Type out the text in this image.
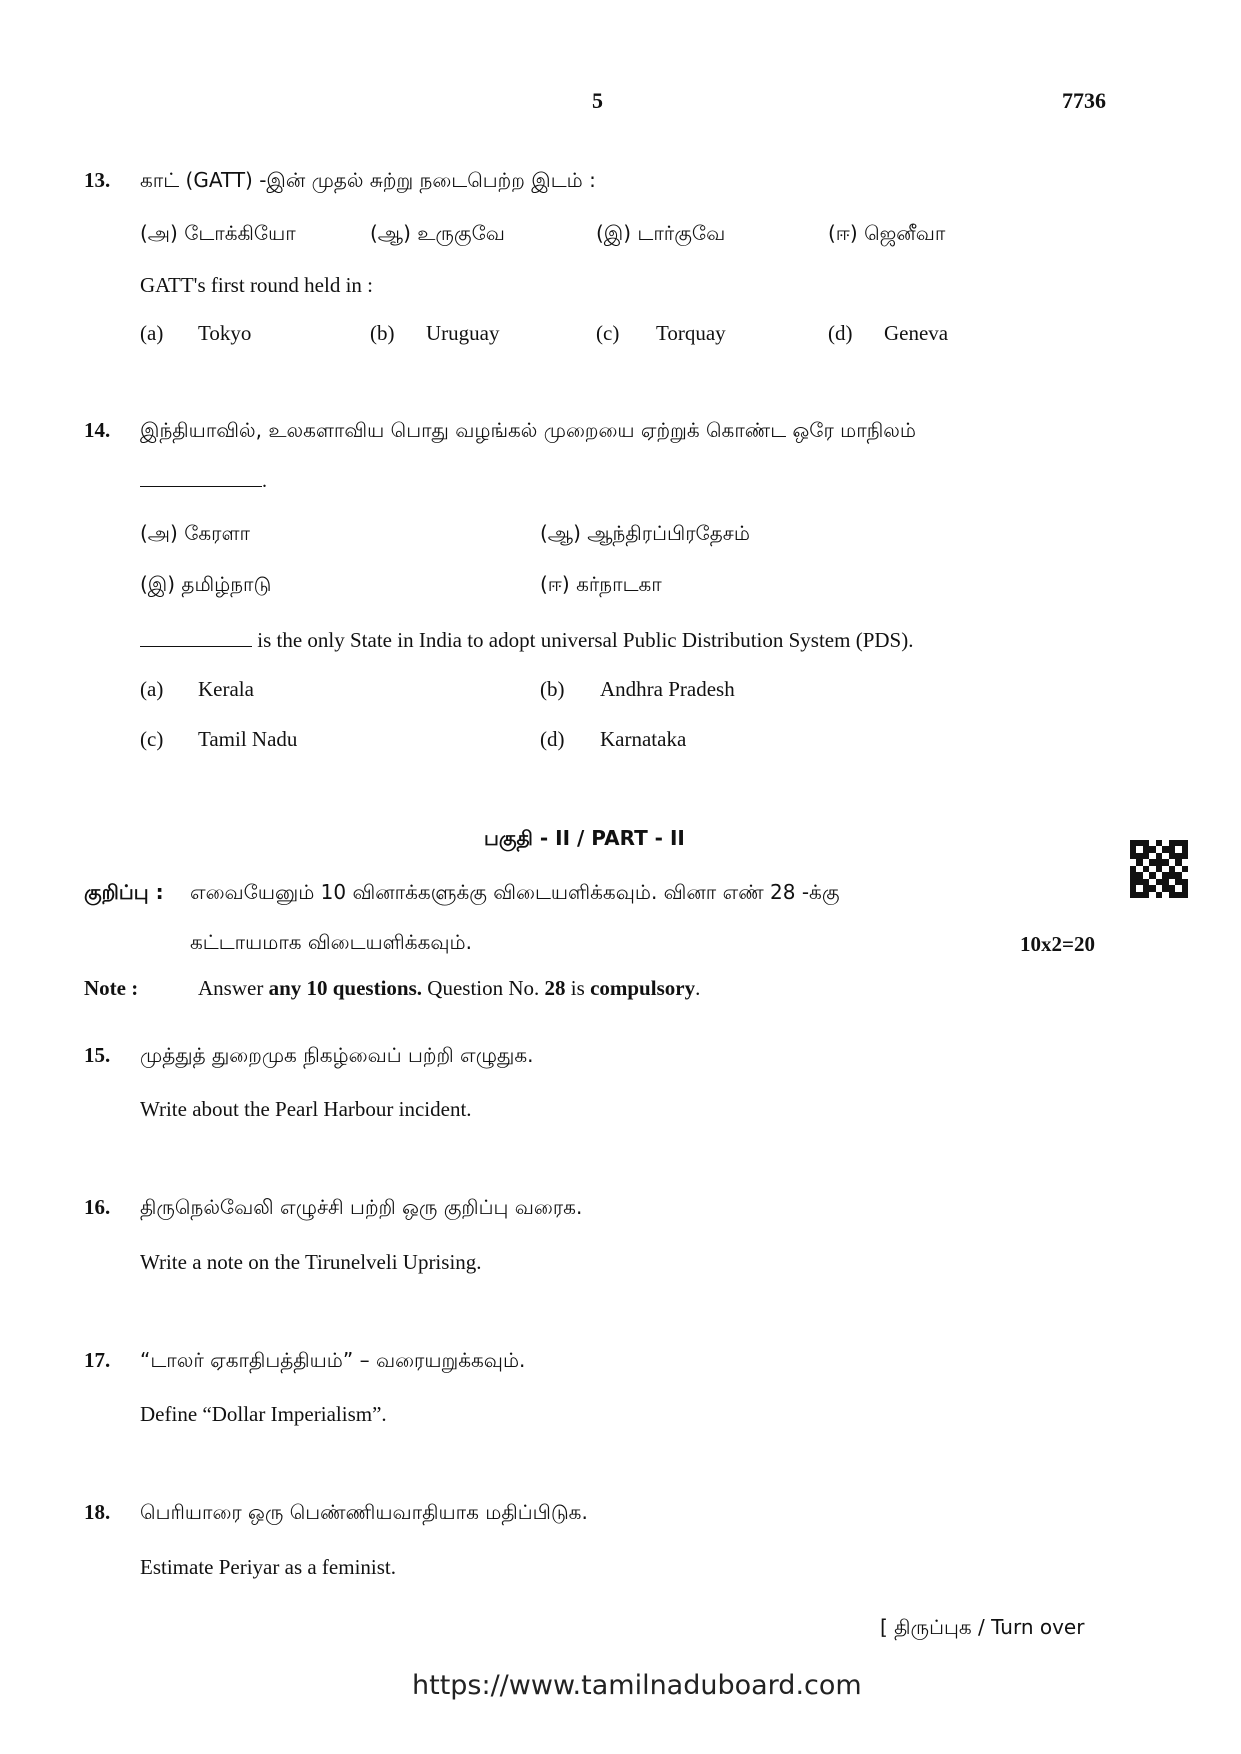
5	7736
13. காட் (GATT) -இன் முதல் சுற்று நடைபெற்ற இடம் :
(அ) டோக்கியோ	(ஆ) உருகுவே	(இ) டார்குவே	(ஈ) ஜெனீவா
GATT's first round held in :
(a) Tokyo	(b) Uruguay	(c) Torquay	(d) Geneva
14. இந்தியாவில், உலகளாவிய பொது வழங்கல் முறையை ஏற்றுக் கொண்ட ஒரே மாநிலம்
.
(அ) கேரளா	(ஆ) ஆந்திரப்பிரதேசம்
(இ) தமிழ்நாடு	(ஈ) கர்நாடகா
is the only State in India to adopt universal Public Distribution System (PDS).
(a) Kerala	(b) Andhra Pradesh
(c) Tamil Nadu	(d) Karnataka
பகுதி - II / PART - II
குறிப்பு : எவையேனும் 10 வினாக்களுக்கு விடையளிக்கவும். வினா எண் 28 -க்கு
கட்டாயமாக விடையளிக்கவும்.	10x2=20
Note :	Answer any 10 questions. Question No. 28 is compulsory.
15. முத்துத் துறைமுக நிகழ்வைப் பற்றி எழுதுக.
Write about the Pearl Harbour incident.
16. திருநெல்வேலி எழுச்சி பற்றி ஒரு குறிப்பு வரைக.
Write a note on the Tirunelveli Uprising.
17. “டாலர் ஏகாதிபத்தியம்” – வரையறுக்கவும்.
Define “Dollar Imperialism”.
18. பெரியாரை ஒரு பெண்ணியவாதியாக மதிப்பிடுக.
Estimate Periyar as a feminist.
[ திருப்புக / Turn over
https://www.tamilnaduboard.com
